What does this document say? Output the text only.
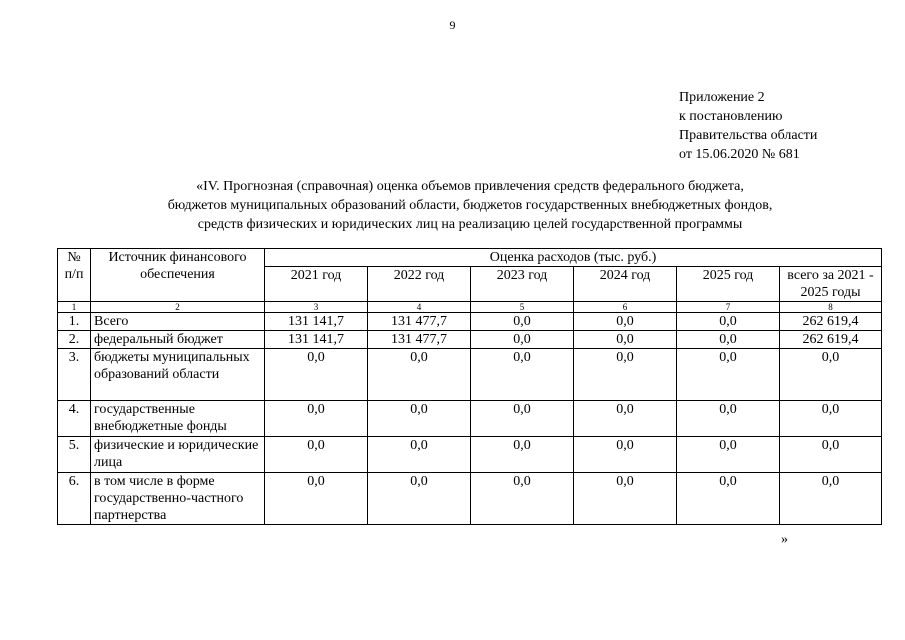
9
Приложение 2
к постановлению
Правительства области
от 15.06.2020 № 681
«IV. Прогнозная (справочная) оценка объемов привлечения средств федерального бюджета,
бюджетов муниципальных образований области, бюджетов государственных внебюджетных фондов,
средств физических и юридических лиц на реализацию целей государственной программы
№ п/п	Источник финансового обеспечения	Оценка расходов (тыс. руб.)					
		2021 год	2022 год	2023 год	2024 год	2025 год	всего за 2021 - 2025 годы
1	2	3	4	5	6	7	8
1.	Всего	131 141,7	131 477,7	0,0	0,0	0,0	262 619,4
2.	федеральный бюджет	131 141,7	131 477,7	0,0	0,0	0,0	262 619,4
3.	бюджеты муниципальных образований области	0,0	0,0	0,0	0,0	0,0	0,0
4.	государственные внебюджетные фонды	0,0	0,0	0,0	0,0	0,0	0,0
5.	физические и юридические лица	0,0	0,0	0,0	0,0	0,0	0,0
6.	в том числе в форме государственно-частного партнерства	0,0	0,0	0,0	0,0	0,0	0,0
»
